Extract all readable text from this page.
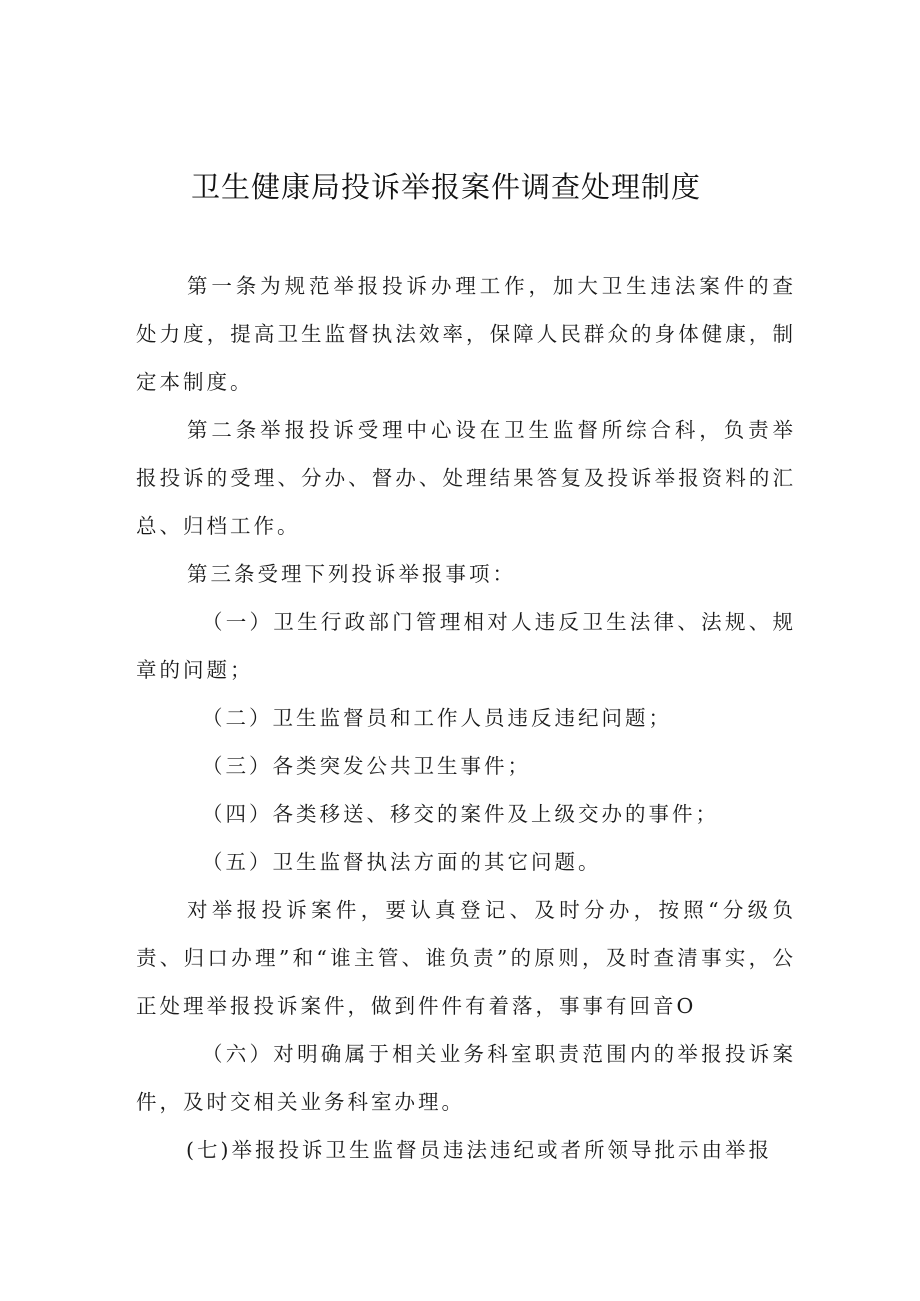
卫生健康局投诉举报案件调查处理制度

第一条为规范举报投诉办理工作，加大卫生违法案件的查处力度，提高卫生监督执法效率，保障人民群众的身体健康，制定本制度。

第二条举报投诉受理中心设在卫生监督所综合科，负责举报投诉的受理、分办、督办、处理结果答复及投诉举报资料的汇总、归档工作。

第三条受理下列投诉举报事项：

（一）卫生行政部门管理相对人违反卫生法律、法规、规章的问题；

（二）卫生监督员和工作人员违反违纪问题；

（三）各类突发公共卫生事件；

（四）各类移送、移交的案件及上级交办的事件；

（五）卫生监督执法方面的其它问题。

对举报投诉案件，要认真登记、及时分办，按照“分级负责、归口办理”和“谁主管、谁负责”的原则，及时查清事实，公正处理举报投诉案件，做到件件有着落，事事有回音O

（六）对明确属于相关业务科室职责范围内的举报投诉案件，及时交相关业务科室办理。

(七)举报投诉卫生监督员违法违纪或者所领导批示由举报
